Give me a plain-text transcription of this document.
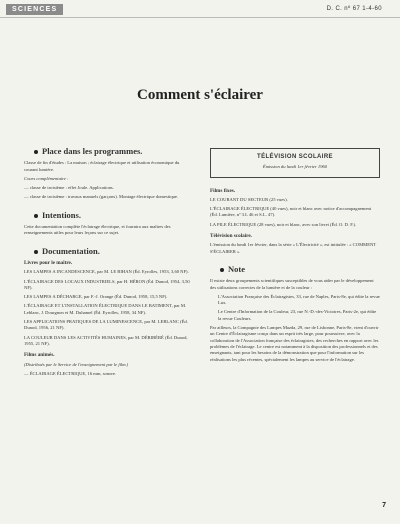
SCIENCES	D. C. nº 67 1-4-60
Comment s'éclairer
Place dans les programmes.

Classe de fin d'études : La maison ; éclairage électrique et utilisation économique du courant lumière.

Cours complémentaire :

— classe de troisième : effet Joule. Applications.

— classe de troisième : travaux manuels (garçons). Montage électrique domestique.

Intentions.

Cette documentation complète l'éclairage électrique, et fournira aux maîtres des renseignements utiles pour leurs leçons sur ce sujet.

Documentation.
Livres pour le maître.

LES LAMPES A INCANDESCENCE, par M. LE BIHAN (Éd. Eyrolles, 1953, 3,60 NF).

L'ÉCLAIRAGE DES LOCAUX INDUSTRIELS, par H. HÉRON (Éd. Dunod, 1954, 3,50 NF).

LES LAMPES A DÉCHARGE, par F.-J. Orange (Éd. Dunod, 1958, 15,5 NF).

L'ÉCLAIRAGE ET L'INSTALLATION ÉLECTRIQUE DANS LE BATIMENT, par M. Leblanc, J. Dourgnon et M. Duhamel (Éd. Eyrolles, 1958, 34 NF).

LES APPLICATIONS PRATIQUES DE LA LUMINESCENCE, par M. LEBLANC (Éd. Dunod, 1956, 21 NF).

LA COULEUR DANS LES ACTIVITÉS HUMAINES, par M. DÉRIBÉRÉ (Éd. Dunod, 1955, 21 NF).

Films animés.

(Distribués par le Service de l'enseignement par le film.)

— ÉCLAIRAGE ÉLECTRIQUE, 16 mm, sonore.

TÉLÉVISION SCOLAIRE
Émission du lundi 1er février 1960
Films fixes.

LE COURANT DU SECTEUR (25 vues).

L'ÉCLAIRAGE ÉLECTRIQUE (40 vues), noir et blanc avec notice d'accompagnement (Éd. Lumière, nº 3.L 46 et S.L. 47).

LA PILE ÉLECTRIQUE (28 vues), noir et blanc, avec son livret (Éd. O. D. F.).

Télévision scolaire.

L'émission du lundi 1er février, dans la série « L'Électricité », est intitulée : « COMMENT S'ÉCLAIRER ».

Note

Il existe deux groupements scientifiques susceptibles de vous aider par le développement des utilisations correctes de la lumière et de la couleur :

L'Association Française des Éclairagistes, 33, rue de Naples, Paris-8e, qui édite la revue Lux.

Le Centre d'Information de la Couleur, 23, rue N.-D.-des-Victoires, Paris-2e, qui édite la revue Couleurs.

Par ailleurs, la Compagnie des Lampes Mazda, 29, rue de Lisbonne, Paris-8e, vient d'ouvrir un Centre d'Éclairagisme conçu dans un esprit très large, pour poursuivre, avec la collaboration de l'Association française des éclairagistes, des recherches en rapport avec les problèmes de l'éclairage. Le centre est notamment à la disposition des professionnels et des enseignants, tant pour les besoins de la démonstration que pour l'information sur les réalisations les plus récentes, spécialement les lampes au service de l'éclairage.

7
